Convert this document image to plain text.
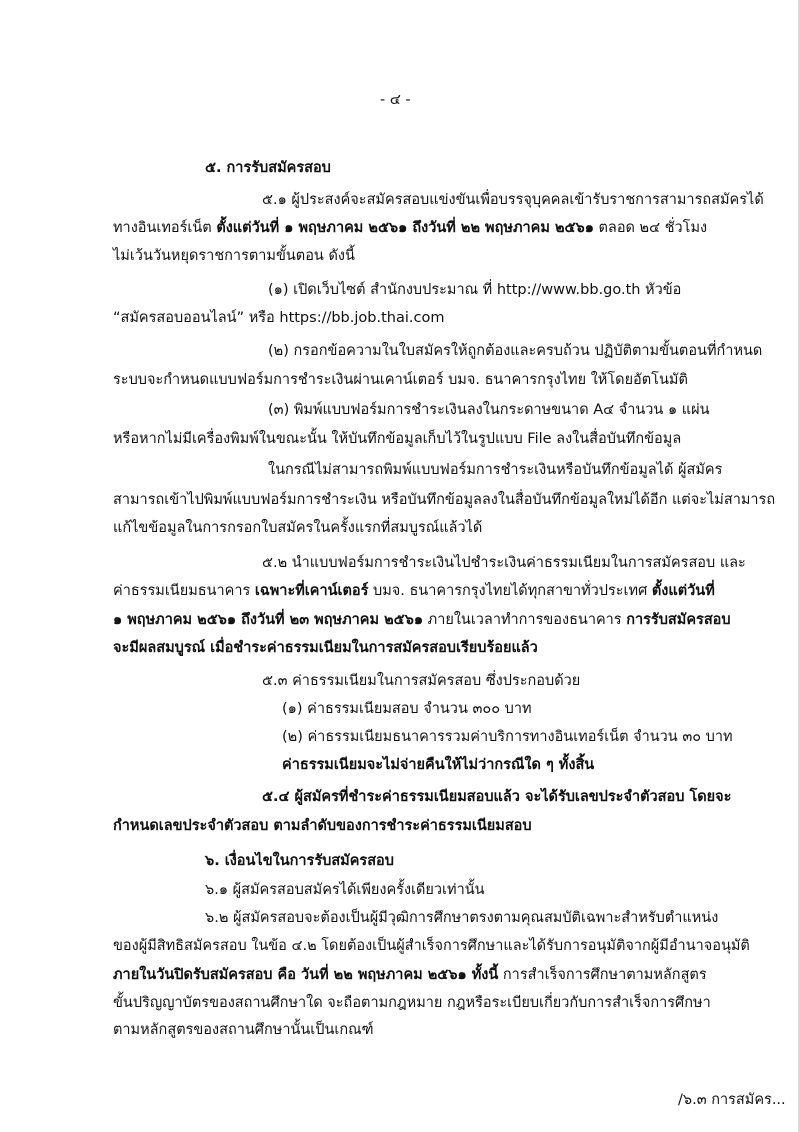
- ๔ -
๕. การรับสมัครสอบ
๕.๑ ผู้ประสงค์จะสมัครสอบแข่งขันเพื่อบรรจุบุคคลเข้ารับราชการสามารถสมัครได้
ทางอินเทอร์เน็ต ตั้งแต่วันที่ ๑ พฤษภาคม ๒๕๖๑ ถึงวันที่ ๒๒ พฤษภาคม ๒๕๖๑ ตลอด ๒๔ ชั่วโมง
ไม่เว้นวันหยุดราชการตามขั้นตอน ดังนี้
(๑) เปิดเว็บไซต์ สำนักงบประมาณ ที่ http://www.bb.go.th หัวข้อ
“สมัครสอบออนไลน์” หรือ https://bb.job.thai.com
(๒) กรอกข้อความในใบสมัครให้ถูกต้องและครบถ้วน ปฏิบัติตามขั้นตอนที่กำหนด
ระบบจะกำหนดแบบฟอร์มการชำระเงินผ่านเคาน์เตอร์ บมจ. ธนาคารกรุงไทย ให้โดยอัตโนมัติ
(๓) พิมพ์แบบฟอร์มการชำระเงินลงในกระดาษขนาด A๔ จำนวน ๑ แผ่น
หรือหากไม่มีเครื่องพิมพ์ในขณะนั้น ให้บันทึกข้อมูลเก็บไว้ในรูปแบบ File ลงในสื่อบันทึกข้อมูล
ในกรณีไม่สามารถพิมพ์แบบฟอร์มการชำระเงินหรือบันทึกข้อมูลได้ ผู้สมัคร
สามารถเข้าไปพิมพ์แบบฟอร์มการชำระเงิน หรือบันทึกข้อมูลลงในสื่อบันทึกข้อมูลใหม่ได้อีก แต่จะไม่สามารถ
แก้ไขข้อมูลในการกรอกใบสมัครในครั้งแรกที่สมบูรณ์แล้วได้
๕.๒ นำแบบฟอร์มการชำระเงินไปชำระเงินค่าธรรมเนียมในการสมัครสอบ และ
ค่าธรรมเนียมธนาคาร เฉพาะที่เคาน์เตอร์ บมจ. ธนาคารกรุงไทยได้ทุกสาขาทั่วประเทศ ตั้งแต่วันที่
๑ พฤษภาคม ๒๕๖๑ ถึงวันที่ ๒๓ พฤษภาคม ๒๕๖๑ ภายในเวลาทำการของธนาคาร การรับสมัครสอบ
จะมีผลสมบูรณ์ เมื่อชำระค่าธรรมเนียมในการสมัครสอบเรียบร้อยแล้ว
๕.๓ ค่าธรรมเนียมในการสมัครสอบ ซึ่งประกอบด้วย
(๑) ค่าธรรมเนียมสอบ จำนวน ๓๐๐ บาท
(๒) ค่าธรรมเนียมธนาคารรวมค่าบริการทางอินเทอร์เน็ต จำนวน ๓๐ บาท
ค่าธรรมเนียมจะไม่จ่ายคืนให้ไม่ว่ากรณีใด ๆ ทั้งสิ้น
๕.๔ ผู้สมัครที่ชำระค่าธรรมเนียมสอบแล้ว จะได้รับเลขประจำตัวสอบ โดยจะ
กำหนดเลขประจำตัวสอบ ตามลำดับของการชำระค่าธรรมเนียมสอบ
๖. เงื่อนไขในการรับสมัครสอบ
๖.๑ ผู้สมัครสอบสมัครได้เพียงครั้งเดียวเท่านั้น
๖.๒ ผู้สมัครสอบจะต้องเป็นผู้มีวุฒิการศึกษาตรงตามคุณสมบัติเฉพาะสำหรับตำแหน่ง
ของผู้มีสิทธิสมัครสอบ ในข้อ ๔.๒ โดยต้องเป็นผู้สำเร็จการศึกษาและได้รับการอนุมัติจากผู้มีอำนาจอนุมัติ
ภายในวันปิดรับสมัครสอบ คือ วันที่ ๒๒ พฤษภาคม ๒๕๖๑ ทั้งนี้ การสำเร็จการศึกษาตามหลักสูตร
ขั้นปริญญาบัตรของสถานศึกษาใด จะถือตามกฎหมาย กฎหรือระเบียบเกี่ยวกับการสำเร็จการศึกษา
ตามหลักสูตรของสถานศึกษานั้นเป็นเกณฑ์
/๖.๓ การสมัคร...
